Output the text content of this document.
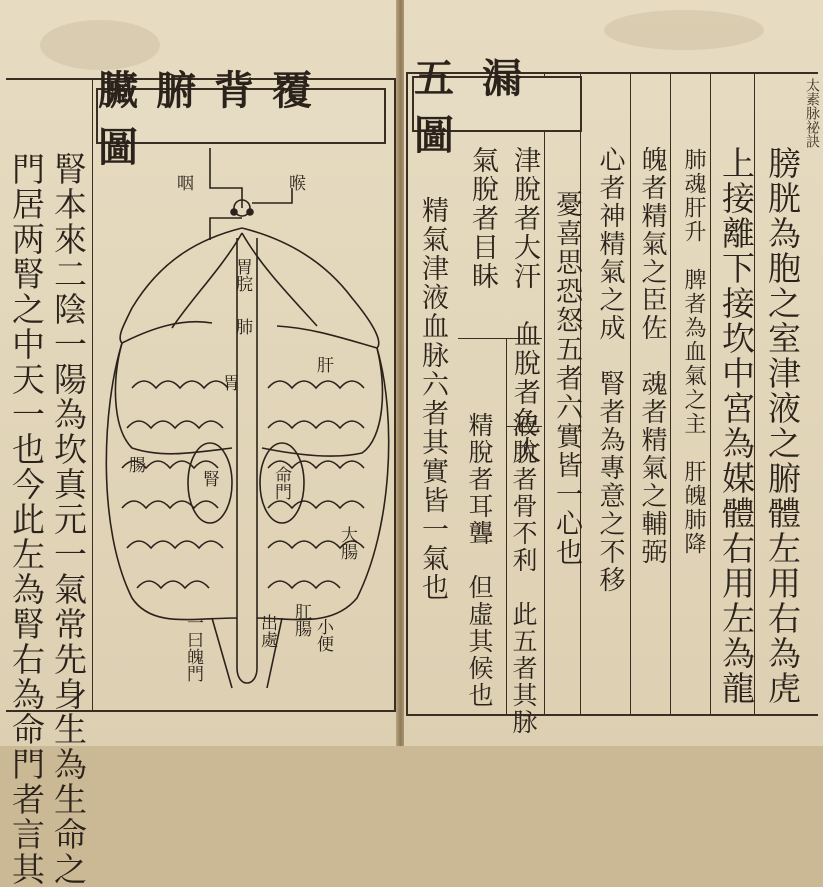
臟腑背覆圖
腎本來二陰一陽為坎真元一氣常先身生為生命之
門居两腎之中天一也今此左為腎右為命門者言其	咽	喉
胃脘
肺
胃
肝
腸
腎	命門
大腸
一曰魄門	出處 肛腸 小便
太素脉祕訣
五漏圖
膀胱為胞之室津液之腑體左用右為虎
上接離下接坎中宮為媒體右用左為龍
肺魂肝升　脾者為血氣之主　肝魄肺降
魄者精氣之臣佐　魂者精氣之輔弼
心者神精氣之成　腎者為專意之不移
憂喜思恐怒五者六實皆一心也
津脫者大汗　血脫者色大
氣脫者目眛
液脫者骨不利　此五者其脉
精脫者耳聾　但虛其候也
精氣津液血脉六者其實皆一氣也
